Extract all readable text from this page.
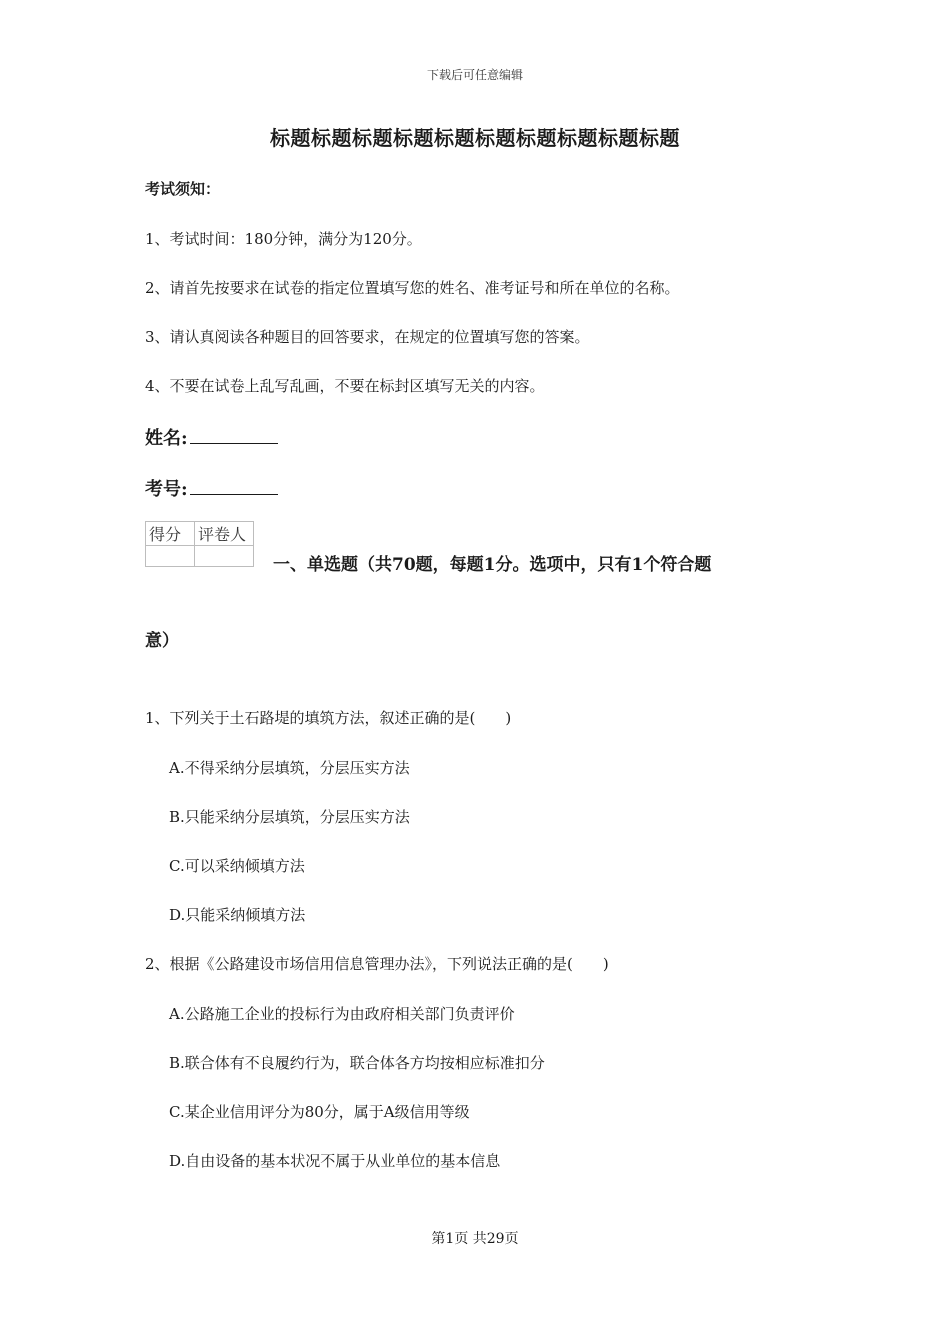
下载后可任意编辑
标题标题标题标题标题标题标题标题标题标题
考试须知：
1、考试时间：180分钟，满分为120分。
2、请首先按要求在试卷的指定位置填写您的姓名、准考证号和所在单位的名称。
3、请认真阅读各种题目的回答要求，在规定的位置填写您的答案。
4、不要在试卷上乱写乱画，不要在标封区填写无关的内容。
姓名:
考号:
得分	评卷人

一、单选题（共70题，每题1分。选项中，只有1个符合题
意）
1、下列关于土石路堤的填筑方法，叙述正确的是(　　)
A.不得采纳分层填筑，分层压实方法
B.只能采纳分层填筑，分层压实方法
C.可以采纳倾填方法
D.只能采纳倾填方法
2、根据《公路建设市场信用信息管理办法》，下列说法正确的是(　　)
A.公路施工企业的投标行为由政府相关部门负责评价
B.联合体有不良履约行为，联合体各方均按相应标准扣分
C.某企业信用评分为80分，属于A级信用等级
D.自由设备的基本状况不属于从业单位的基本信息
第1页 共29页
